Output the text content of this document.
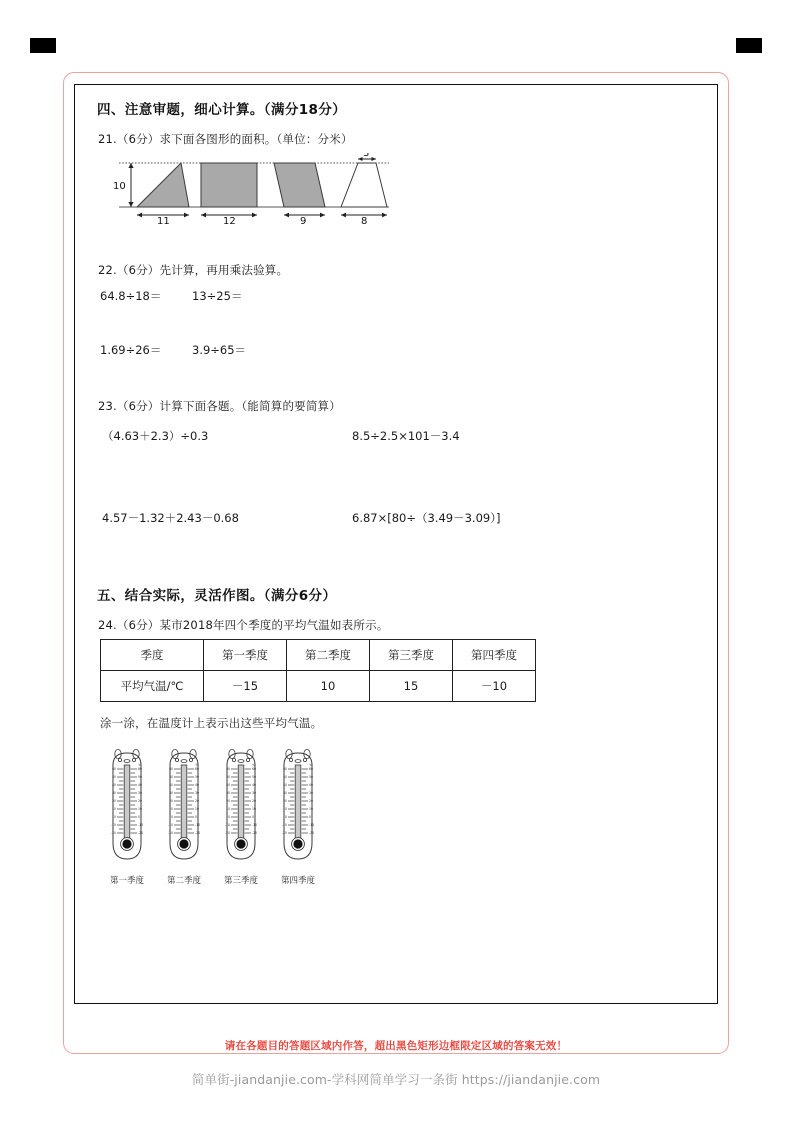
四、注意审题，细心计算。（满分18分）
21.（6分）求下面各图形的面积。（单位：分米）
10
11	12	9
3
8
22.（6分）先计算，再用乘法验算。
64.8÷18＝	13÷25＝
1.69÷26＝	3.9÷65＝
23.（6分）计算下面各题。（能简算的要简算）
（4.63＋2.3）÷0.3	8.5÷2.5×101－3.4
4.57－1.32＋2.43－0.68	6.87×[80÷（3.49－3.09）]
五、结合实际，灵活作图。（满分6分）
24.（6分）某市2018年四个季度的平均气温如表所示。
季度	第一季度	第二季度	第三季度	第四季度
平均气温/℃	－15	10	15	－10
涂一涂，在温度计上表示出这些平均气温。
60
50
40
30
20
10
0
-10
-20
℃
60
50
40
30
20
10
0
-10
-20
第一季度
60
50
40
30
20
10
0
-10
-20
℃
60
50
40
30
20
10
0
-10
-20
第二季度
60
50
40
30
20
10
0
-10
-20
℃
60
50
40
30
20
10
0
-10
-20
第三季度
60
50
40
30
20
10
0
-10
-20
℃
60
50
40
30
20
10
0
-10
-20
第四季度
请在各题目的答题区域内作答，超出黑色矩形边框限定区域的答案无效！
简单街-jiandanjie.com-学科网简单学习一条街 https://jiandanjie.com
